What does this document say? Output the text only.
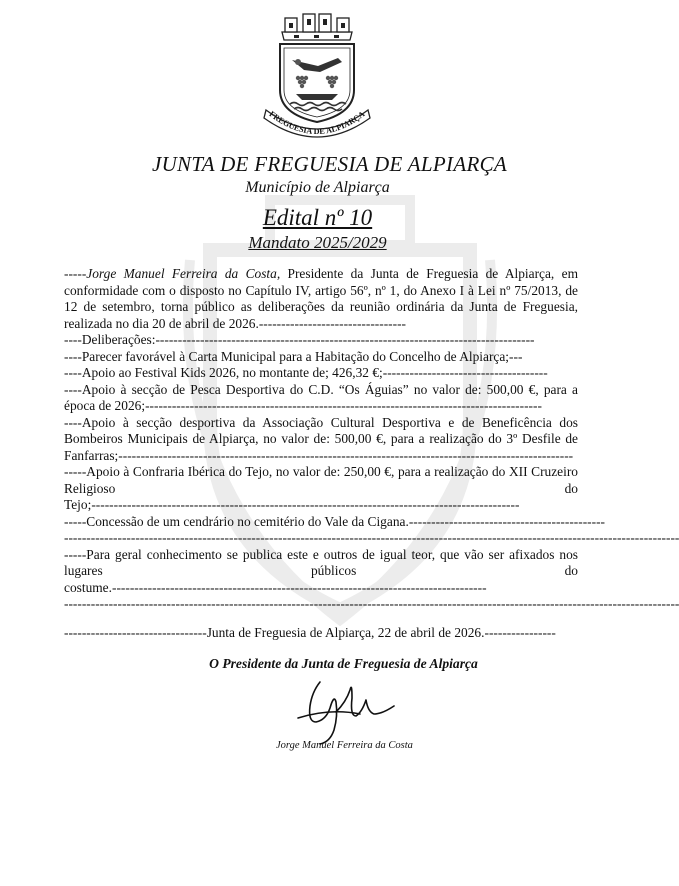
FREGUESIA DE ALPIARÇA
JUNTA DE FREGUESIA DE ALPIARÇA
Município de Alpiarça
Edital nº 10
Mandato 2025/2029
-----Jorge Manuel Ferreira da Costa, Presidente da Junta de Freguesia de Alpiarça, em conformidade com o disposto no Capítulo IV, artigo 56º, nº 1, do Anexo I à Lei nº 75/2013, de 12 de setembro, torna público as deliberações da reunião ordinária da Junta de Freguesia, realizada no dia 20 de abril de 2026.---------------------------------
----Deliberações:-------------------------------------------------------------------------------------
----Parecer favorável à Carta Municipal para a Habitação do Concelho de Alpiarça;---
----Apoio ao Festival Kids 2026, no montante de; 426,32 €;-------------------------------------
----Apoio à secção de Pesca Desportiva do C.D. “Os Águias” no valor de: 500,00 €, para a época de 2026;-----------------------------------------------------------------------------------------
----Apoio à secção desportiva da Associação Cultural Desportiva e de Beneficência dos Bombeiros Municipais de Alpiarça, no valor de: 500,00 €, para a realização do 3º Desfile de Fanfarras;------------------------------------------------------------------------------------------------------
-----Apoio à Confraria Ibérica do Tejo, no valor de: 250,00 €, para a realização do XII Cruzeiro Religioso do Tejo;------------------------------------------------------------------------------------------------
-----Concessão de um cendrário no cemitério do Vale da Cigana.--------------------------------------------
------------------------------------------------------------------------------------------------------------------------------------------
-----Para geral conhecimento se publica este e outros de igual teor, que vão ser afixados nos lugares públicos do costume.------------------------------------------------------------------------------------
------------------------------------------------------------------------------------------------------------------------------------------
--------------------------------Junta de Freguesia de Alpiarça, 22 de abril de 2026.----------------
O Presidente da Junta de Freguesia de Alpiarça
Jorge Manuel Ferreira da Costa
